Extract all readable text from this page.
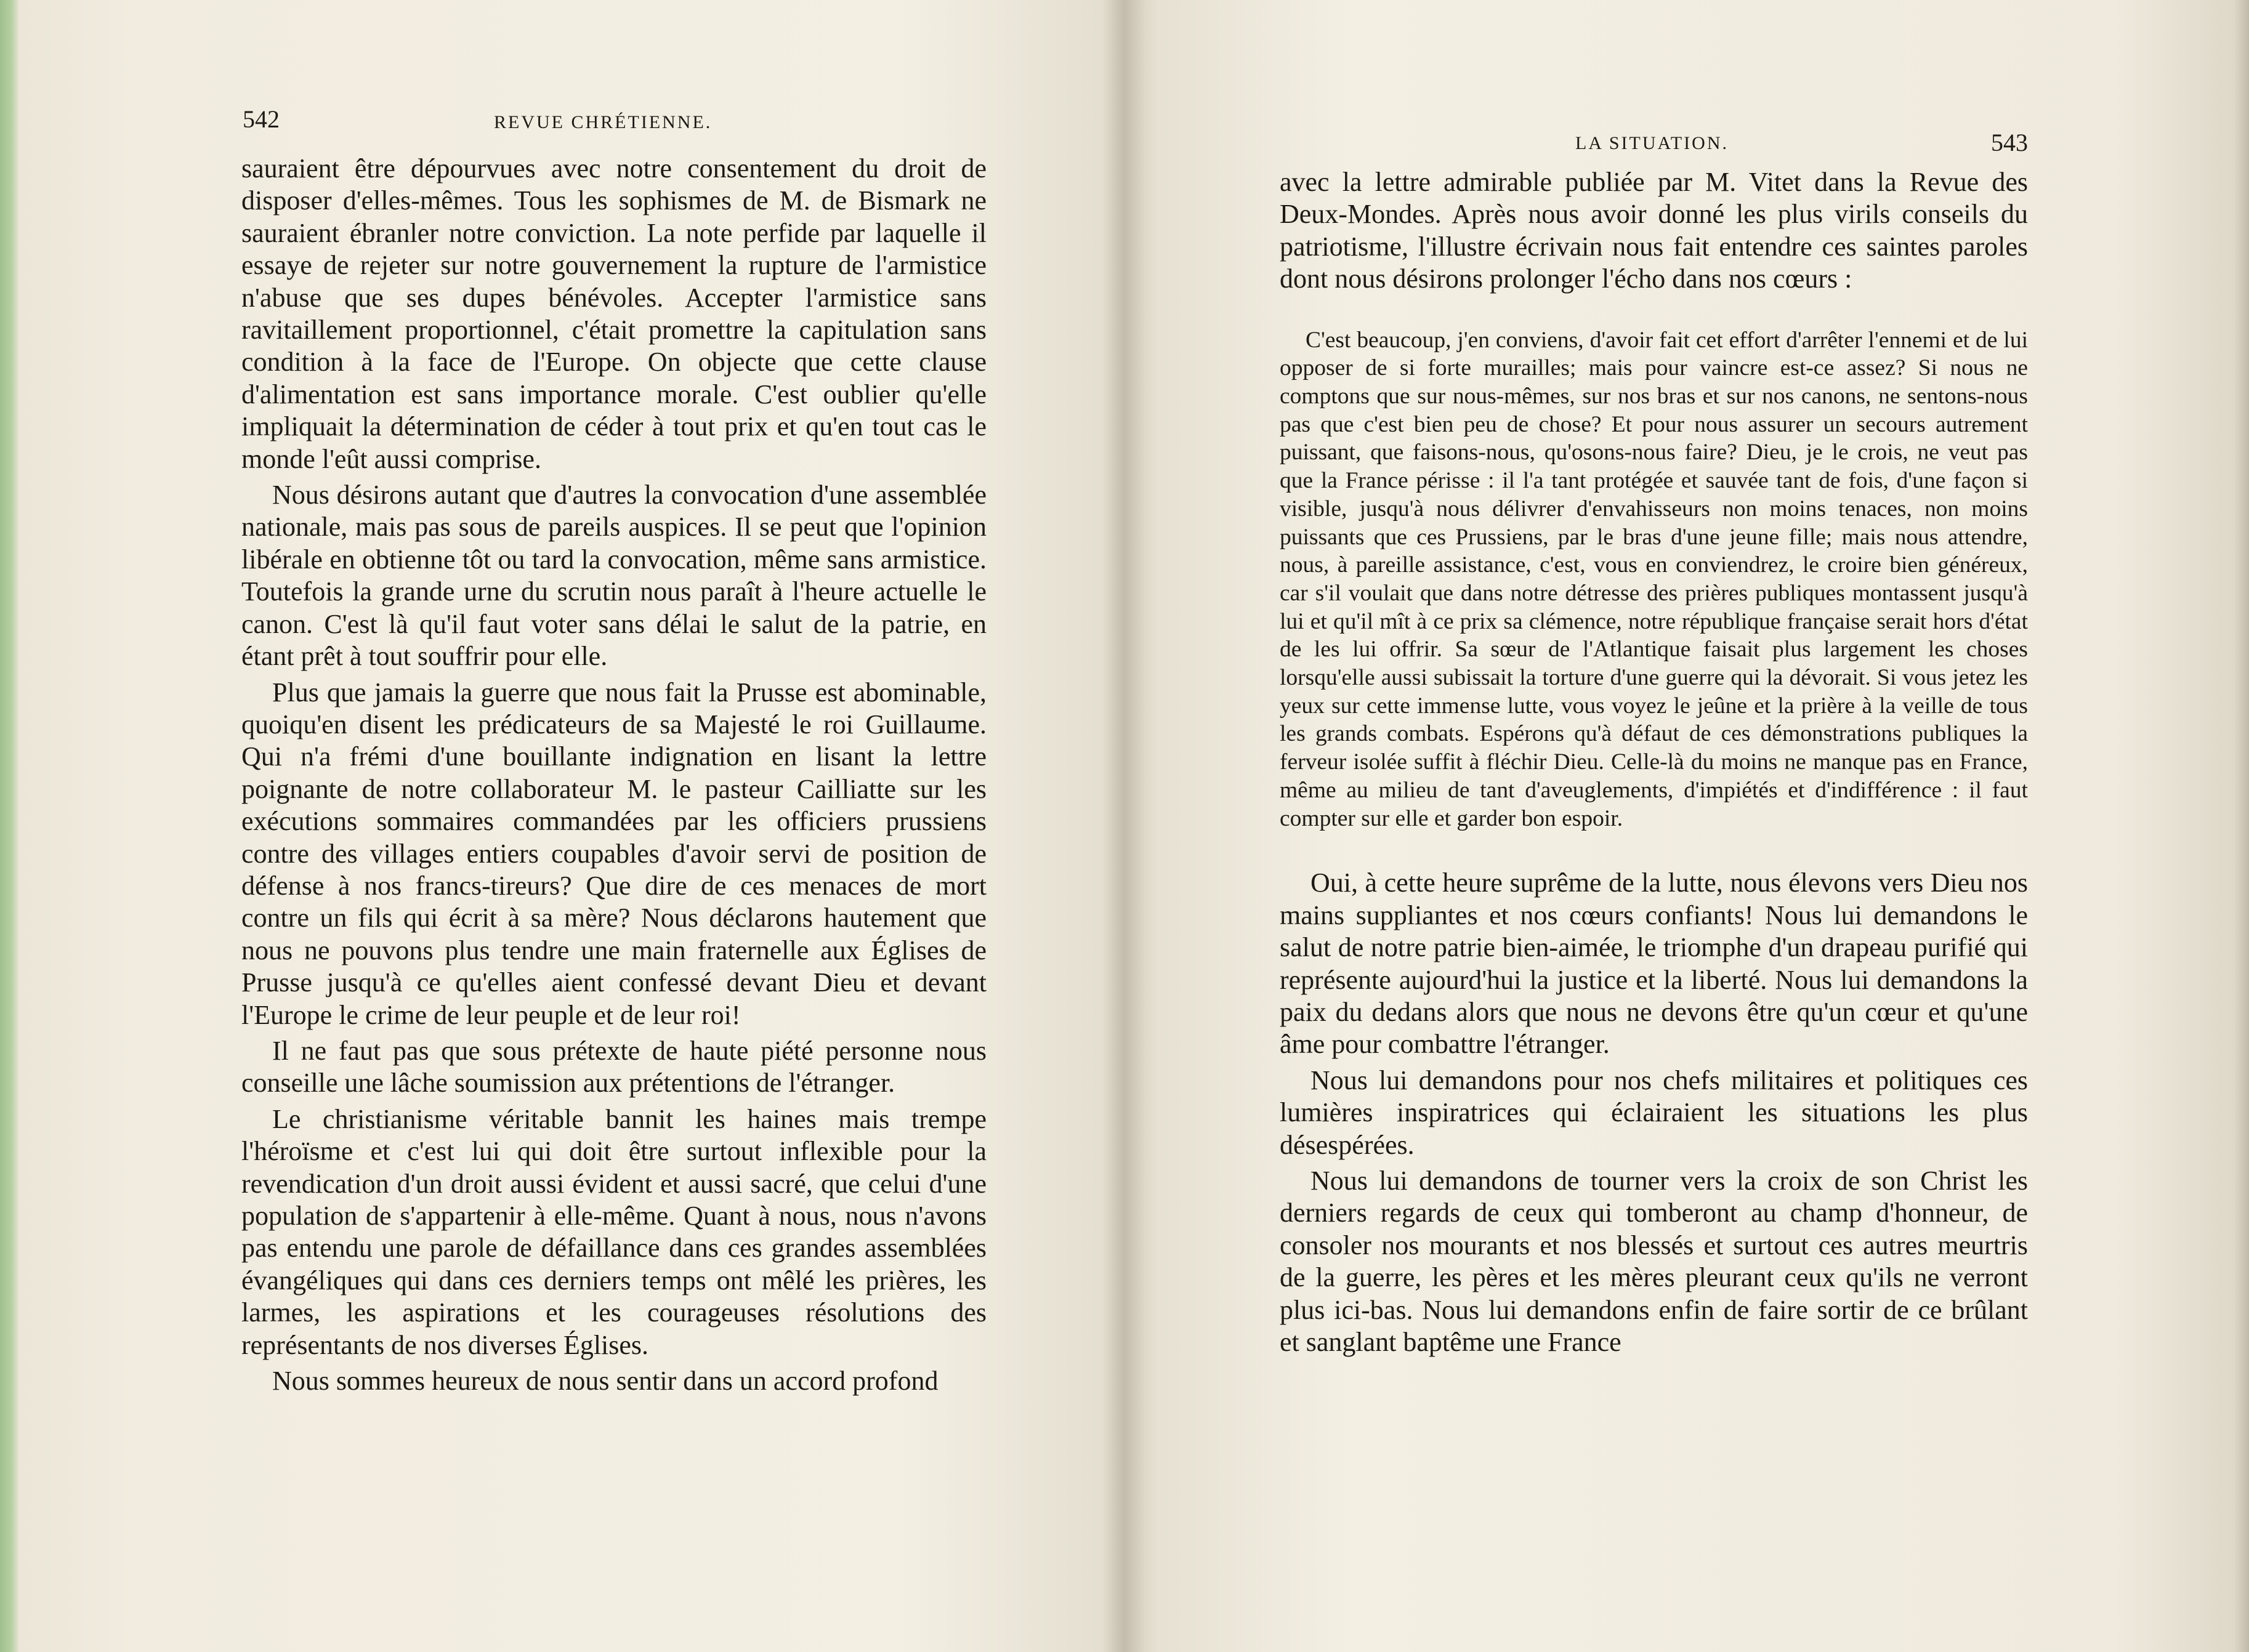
542	REVUE CHRÉTIENNE.

sauraient être dépourvues avec notre consentement du droit de disposer d'elles-mêmes. Tous les sophismes de M. de Bismark ne sauraient ébranler notre conviction. La note perfide par laquelle il essaye de rejeter sur notre gouvernement la rupture de l'armistice n'abuse que ses dupes bénévoles. Accepter l'armistice sans ravitaillement proportionnel, c'était promettre la capitulation sans condition à la face de l'Europe. On objecte que cette clause d'alimentation est sans importance morale. C'est oublier qu'elle impliquait la détermination de céder à tout prix et qu'en tout cas le monde l'eût aussi comprise.

Nous désirons autant que d'autres la convocation d'une assemblée nationale, mais pas sous de pareils auspices. Il se peut que l'opinion libérale en obtienne tôt ou tard la convocation, même sans armistice. Toutefois la grande urne du scrutin nous paraît à l'heure actuelle le canon. C'est là qu'il faut voter sans délai le salut de la patrie, en étant prêt à tout souffrir pour elle.

Plus que jamais la guerre que nous fait la Prusse est abominable, quoiqu'en disent les prédicateurs de sa Majesté le roi Guillaume. Qui n'a frémi d'une bouillante indignation en lisant la lettre poignante de notre collaborateur M. le pasteur Cailliatte sur les exécutions sommaires commandées par les officiers prussiens contre des villages entiers coupables d'avoir servi de position de défense à nos francs-tireurs? Que dire de ces menaces de mort contre un fils qui écrit à sa mère? Nous déclarons hautement que nous ne pouvons plus tendre une main fraternelle aux Églises de Prusse jusqu'à ce qu'elles aient confessé devant Dieu et devant l'Europe le crime de leur peuple et de leur roi!

Il ne faut pas que sous prétexte de haute piété personne nous conseille une lâche soumission aux prétentions de l'étranger.

Le christianisme véritable bannit les haines mais trempe l'héroïsme et c'est lui qui doit être surtout inflexible pour la revendication d'un droit aussi évident et aussi sacré, que celui d'une population de s'appartenir à elle-même. Quant à nous, nous n'avons pas entendu une parole de défaillance dans ces grandes assemblées évangéliques qui dans ces derniers temps ont mêlé les prières, les larmes, les aspirations et les courageuses résolutions des représentants de nos diverses Églises.

Nous sommes heureux de nous sentir dans un accord profond

LA SITUATION.	543

avec la lettre admirable publiée par M. Vitet dans la Revue des Deux-Mondes. Après nous avoir donné les plus virils conseils du patriotisme, l'illustre écrivain nous fait entendre ces saintes paroles dont nous désirons prolonger l'écho dans nos cœurs :

C'est beaucoup, j'en conviens, d'avoir fait cet effort d'arrêter l'ennemi et de lui opposer de si forte murailles; mais pour vaincre est-ce assez? Si nous ne comptons que sur nous-mêmes, sur nos bras et sur nos canons, ne sentons-nous pas que c'est bien peu de chose? Et pour nous assurer un secours autrement puissant, que faisons-nous, qu'osons-nous faire? Dieu, je le crois, ne veut pas que la France périsse : il l'a tant protégée et sauvée tant de fois, d'une façon si visible, jusqu'à nous délivrer d'envahisseurs non moins tenaces, non moins puissants que ces Prussiens, par le bras d'une jeune fille; mais nous attendre, nous, à pareille assistance, c'est, vous en conviendrez, le croire bien généreux, car s'il voulait que dans notre détresse des prières publiques montassent jusqu'à lui et qu'il mît à ce prix sa clémence, notre république française serait hors d'état de les lui offrir. Sa sœur de l'Atlantique faisait plus largement les choses lorsqu'elle aussi subissait la torture d'une guerre qui la dévorait. Si vous jetez les yeux sur cette immense lutte, vous voyez le jeûne et la prière à la veille de tous les grands combats. Espérons qu'à défaut de ces démonstrations publiques la ferveur isolée suffit à fléchir Dieu. Celle-là du moins ne manque pas en France, même au milieu de tant d'aveuglements, d'impiétés et d'indifférence : il faut compter sur elle et garder bon espoir.

Oui, à cette heure suprême de la lutte, nous élevons vers Dieu nos mains suppliantes et nos cœurs confiants! Nous lui demandons le salut de notre patrie bien-aimée, le triomphe d'un drapeau purifié qui représente aujourd'hui la justice et la liberté. Nous lui demandons la paix du dedans alors que nous ne devons être qu'un cœur et qu'une âme pour combattre l'étranger.

Nous lui demandons pour nos chefs militaires et politiques ces lumières inspiratrices qui éclairaient les situations les plus désespérées.

Nous lui demandons de tourner vers la croix de son Christ les derniers regards de ceux qui tomberont au champ d'honneur, de consoler nos mourants et nos blessés et surtout ces autres meurtris de la guerre, les pères et les mères pleurant ceux qu'ils ne verront plus ici-bas. Nous lui demandons enfin de faire sortir de ce brûlant et sanglant baptême une France
